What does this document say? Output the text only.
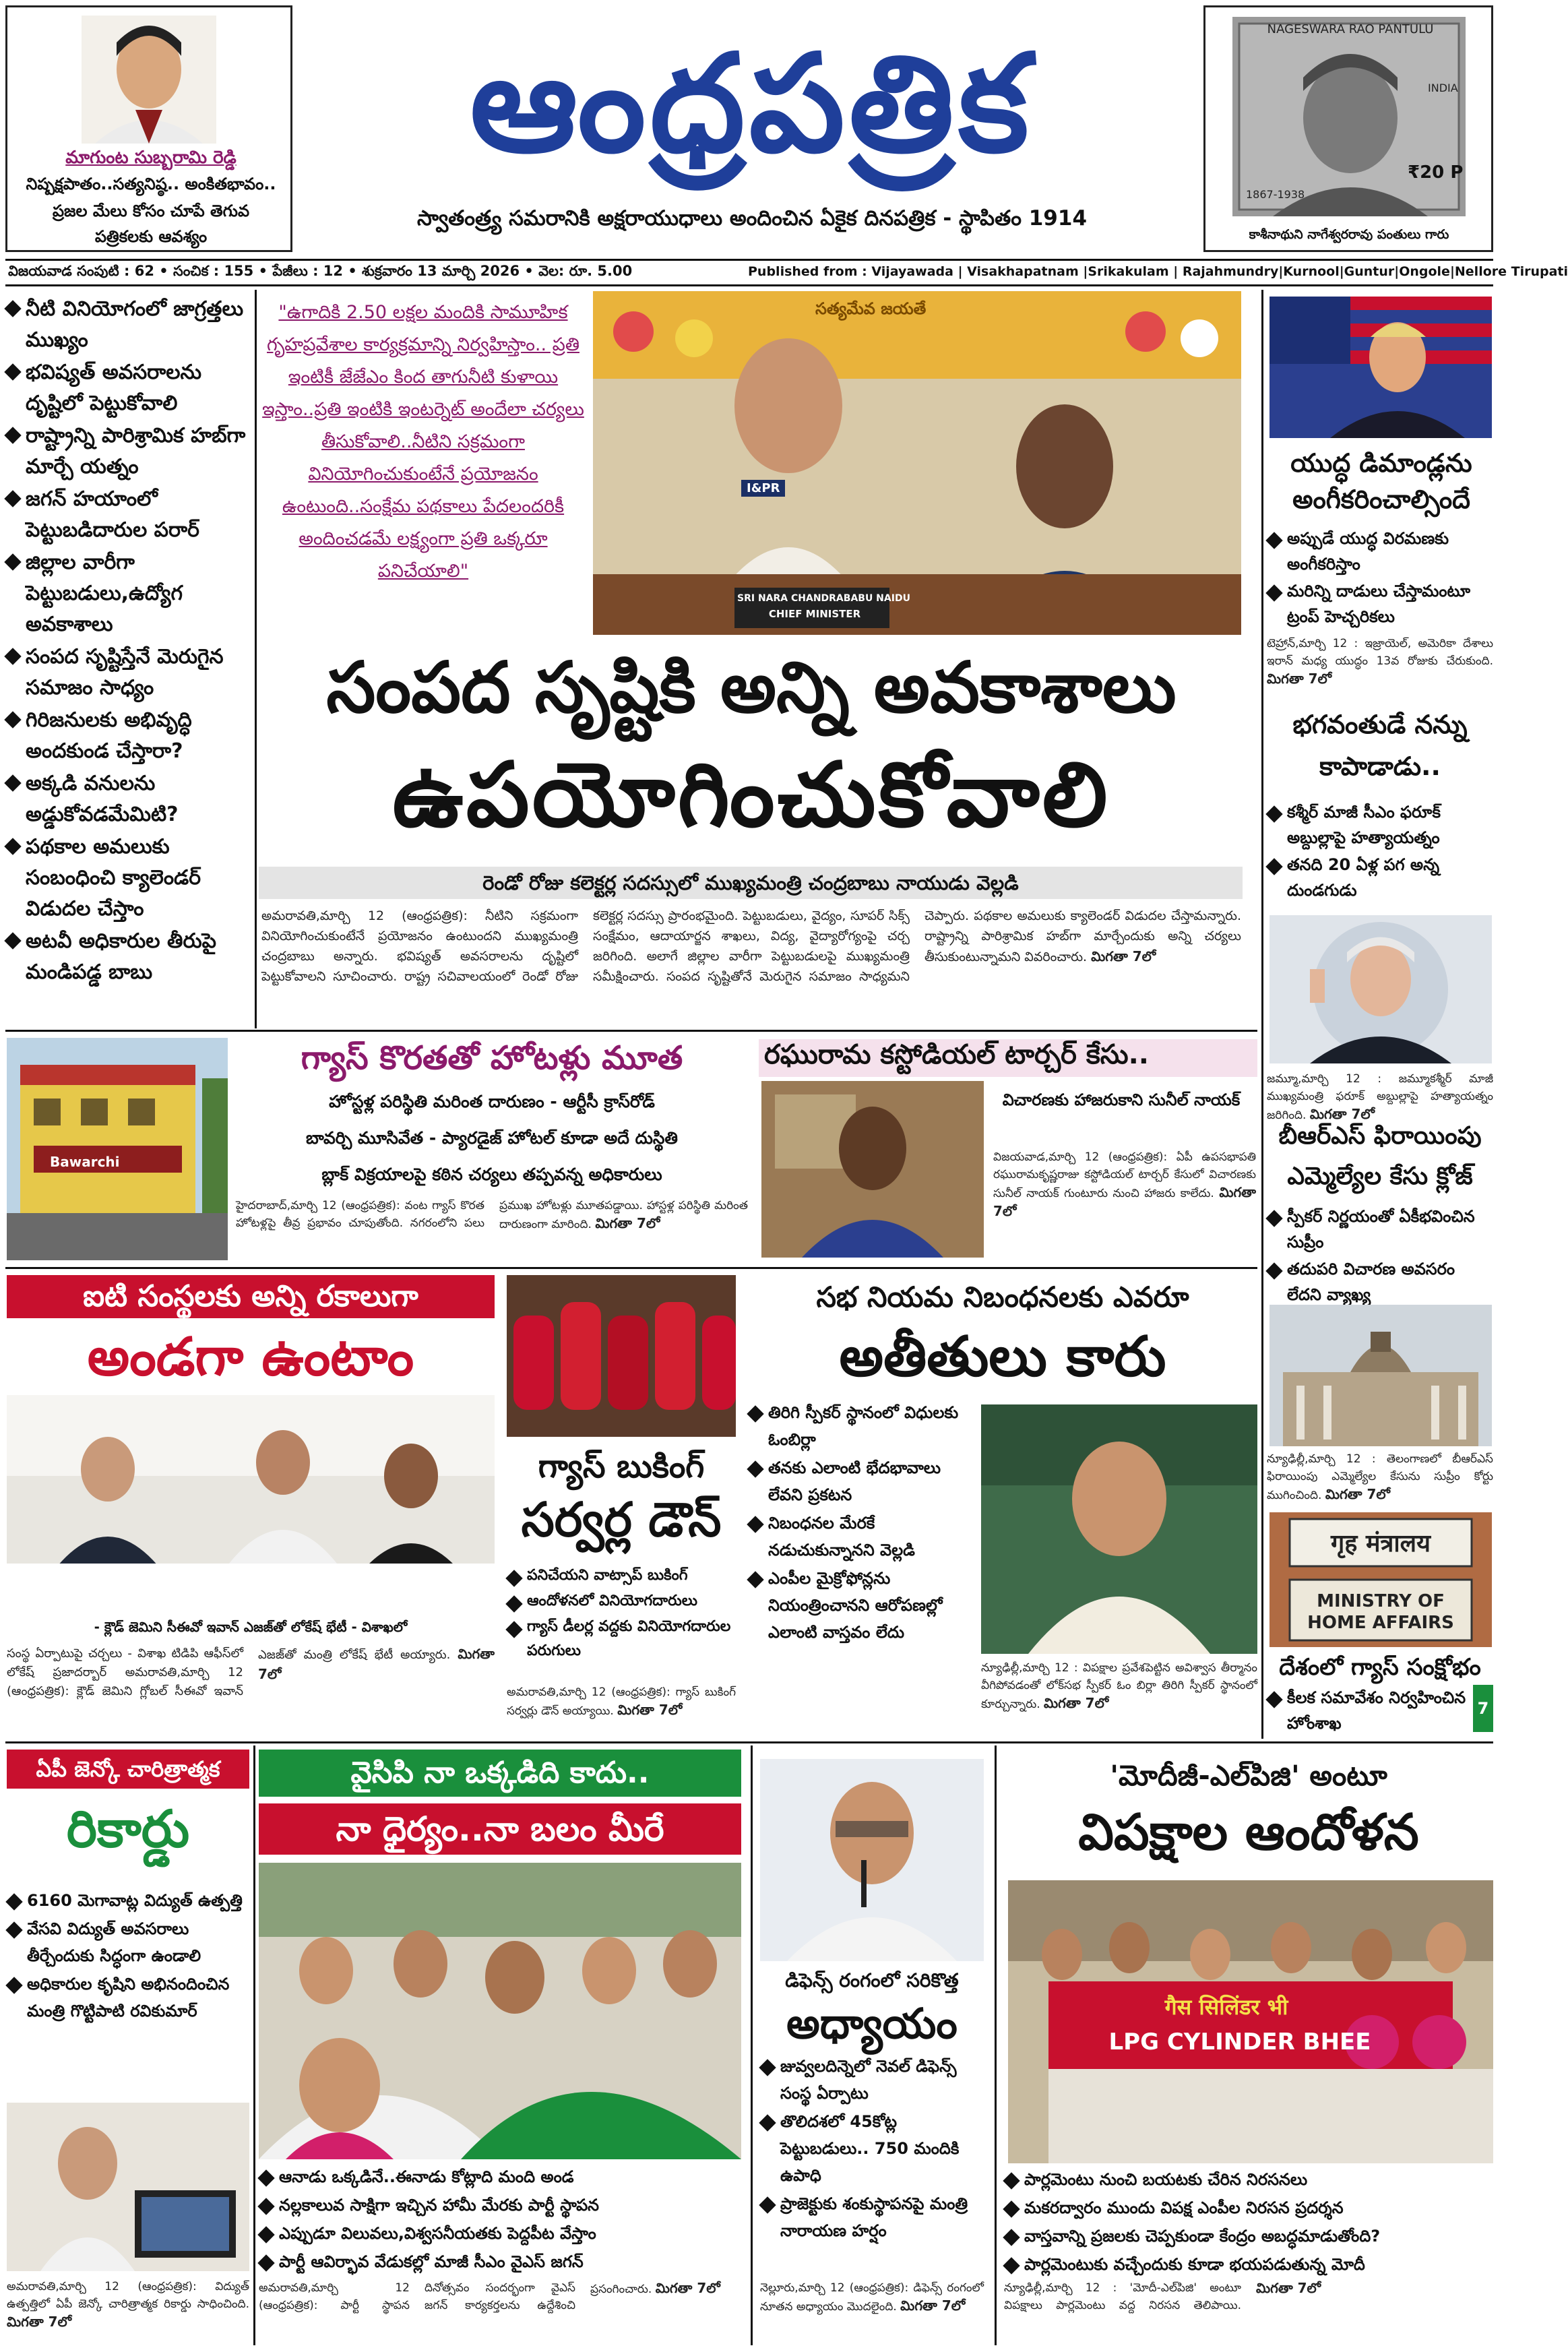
మాగుంట సుబ్బరామి రెడ్డి
నిష్పక్షపాతం..సత్యనిష్ఠ.. అంకితభావం..
ప్రజల మేలు కోసం చూపే తెగువ
పత్రికలకు ఆవశ్యం
ఆంధ్రపత్రిక
స్వాతంత్ర్య సమరానికి అక్షరాయుధాలు అందించిన ఏకైక దినపత్రిక - స్థాపితం 1914
NAGESWARA RAO PANTULU
INDIA
₹20 P
1867-1938
కాశీనాథుని నాగేశ్వరరావు పంతులు గారు
విజయవాడ సంపుటి : 62 • సంచిక : 155 • పేజీలు : 12 • శుక్రవారం 13 మార్చి 2026 • వెల: రూ. 5.00	Published from : Vijayawada | Visakhapatnam |Srikakulam | Rajahmundry|Kurnool|Guntur|Ongole|Nellore Tirupati
నీటి వినియోగంలో జాగ్రత్తలు ముఖ్యం
భవిష్యత్ అవసరాలను దృష్టిలో పెట్టుకోవాలి
రాష్ట్రాన్ని పారిశ్రామిక హబ్‌గా మార్చే యత్నం
జగన్ హయాంలో పెట్టుబడిదారుల పరార్
జిల్లాల వారీగా పెట్టుబడులు,ఉద్యోగ అవకాశాలు
సంపద సృష్టిస్తేనే మెరుగైన సమాజం సాధ్యం
గిరిజనులకు అభివృద్ధి అందకుండ చేస్తారా?
అక్కడి వనులను అడ్డుకోవడమేమిటి?
పథకాల అమలుకు సంబంధించి క్యాలెండర్ విడుదల చేస్తాం
అటవీ అధికారుల తీరుపై మండిపడ్డ బాబు
"ఉగాదికి 2.50 లక్షల మందికి సామూహిక గృహప్రవేశాల కార్యక్రమాన్ని నిర్వహిస్తాం.. ప్రతి ఇంటికీ జేజేఎం కింద తాగునీటి కుళాయి ఇస్తాం..ప్రతి ఇంటికి ఇంటర్నెట్ అందేలా చర్యలు తీసుకోవాలి..నీటిని సక్రమంగా వినియోగించుకుంటేనే ప్రయోజనం ఉంటుంది..సంక్షేమ పథకాలు పేదలందరికీ అందించడమే లక్ష్యంగా ప్రతి ఒక్కరూ పనిచేయాలి"
సత్యమేవ జయతే
I&PR
SRI NARA CHANDRABABU NAIDU
CHIEF MINISTER
సంపద సృష్టికి అన్ని అవకాశాలు
ఉపయోగించుకోవాలి
రెండో రోజు కలెక్టర్ల సదస్సులో ముఖ్యమంత్రి చంద్రబాబు నాయుడు వెల్లడి
అమరావతి,మార్చి 12 (ఆంధ్రపత్రిక): నీటిని సక్రమంగా వినియోగించుకుంటేనే ప్రయోజనం ఉంటుందని ముఖ్యమంత్రి చంద్రబాబు అన్నారు. భవిష్యత్ అవసరాలను దృష్టిలో పెట్టుకోవాలని సూచించారు. రాష్ట్ర సచివాలయంలో రెండో రోజు కలెక్టర్ల సదస్సు ప్రారంభమైంది. పెట్టుబడులు, వైద్యం, సూపర్ సిక్స్ సంక్షేమం, ఆదాయార్జన శాఖలు, విద్య, వైద్యారోగ్యంపై చర్చ జరిగింది. అలాగే జిల్లాల వారీగా పెట్టుబడులపై ముఖ్యమంత్రి సమీక్షించారు. సంపద సృష్టితోనే మెరుగైన సమాజం సాధ్యమని చెప్పారు. పథకాల అమలుకు క్యాలెండర్ విడుదల చేస్తామన్నారు. రాష్ట్రాన్ని పారిశ్రామిక హబ్‌గా మార్చేందుకు అన్ని చర్యలు తీసుకుంటున్నామని వివరించారు. మిగతా 7లో
యుద్ధ డిమాండ్లను అంగీకరించాల్సిందే
అప్పుడే యుద్ధ విరమణకు అంగీకరిస్తాం
మరిన్ని దాడులు చేస్తామంటూ ట్రంప్ హెచ్చరికలు
టెహ్రాన్,మార్చి 12 : ఇజ్రాయెల్, అమెరికా దేశాలు ఇరాన్ మధ్య యుద్ధం 13వ రోజుకు చేరుకుంది. మిగతా 7లో
భగవంతుడే నన్ను కాపాడాడు..
కశ్మీర్ మాజీ సీఎం ఫరూక్ అబ్దుల్లాపై హత్యాయత్నం
తనది 20 ఏళ్ల పగ అన్న దుండగుడు
జమ్మూ,మార్చి 12 : జమ్మూకశ్మీర్ మాజీ ముఖ్యమంత్రి ఫరూక్ అబ్దుల్లాపై హత్యాయత్నం జరిగింది. మిగతా 7లో
బీఆర్ఎస్ ఫిరాయింపు ఎమ్మెల్యేల కేసు క్లోజ్
స్పీకర్ నిర్ణయంతో ఏకీభవించిన సుప్రీం
తదుపరి విచారణ అవసరం లేదని వ్యాఖ్య
న్యూఢిల్లీ,మార్చి 12 : తెలంగాణలో బీఆర్ఎస్ ఫిరాయింపు ఎమ్మెల్యేల కేసును సుప్రీం కోర్టు ముగించింది. మిగతా 7లో
गृह मंत्रालय
MINISTRY OF HOME AFFAIRS
దేశంలో గ్యాస్ సంక్షోభం
కీలక సమావేశం నిర్వహించిన హోంశాఖ
7
Bawarchi
గ్యాస్ కొరతతో హోటళ్లు మూత
హోస్టళ్ల పరిస్థితి మరింత దారుణం - ఆర్టీసీ క్రాస్‌రోడ్
బావర్చి మూసివేత - ప్యారడైజ్ హోటల్ కూడా అదే దుస్థితి
బ్లాక్ విక్రయాలపై కఠిన చర్యలు తప్పవన్న అధికారులు
హైదరాబాద్,మార్చి 12 (ఆంధ్రపత్రిక): వంట గ్యాస్ కొరత హోటళ్లపై తీవ్ర ప్రభావం చూపుతోంది. నగరంలోని పలు ప్రముఖ హోటళ్లు మూతపడ్డాయి. హాస్టళ్ల పరిస్థితి మరింత దారుణంగా మారింది. మిగతా 7లో
రఘురామ కస్టోడియల్ టార్చర్ కేసు..
విచారణకు హాజరుకాని సునీల్ నాయక్
విజయవాడ,మార్చి 12 (ఆంధ్రపత్రిక): ఏపీ ఉపసభాపతి రఘురామకృష్ణరాజు కస్టోడియల్ టార్చర్ కేసులో విచారణకు సునీల్ నాయక్ గుంటూరు నుంచి హాజరు కాలేదు. మిగతా 7లో
ఐటి సంస్థలకు అన్ని రకాలుగా
అండగా ఉంటాం
- క్లౌడ్ జెమిని సీఈవో ఇవాన్ ఎజజ్‌తో లోకేష్ భేటీ - విశాఖలో
సంస్థ ఏర్పాటుపై చర్చలు - విశాఖ టిడిపి ఆఫీస్‌లో లోకేష్ ప్రజాదర్బార్ అమరావతి,మార్చి 12 (ఆంధ్రపత్రిక): క్లౌడ్ జెమిని గ్లోబల్ సీఈవో ఇవాన్ ఎజజ్‌తో మంత్రి లోకేష్ భేటీ అయ్యారు. మిగతా 7లో
గ్యాస్ బుకింగ్
సర్వర్ల డౌన్
పనిచేయని వాట్సాప్ బుకింగ్
ఆందోళనలో వినియోగదారులు
గ్యాస్ డీలర్ల వద్దకు వినియోగదారుల పరుగులు
అమరావతి,మార్చి 12 (ఆంధ్రపత్రిక): గ్యాస్ బుకింగ్ సర్వర్లు డౌన్ అయ్యాయి. మిగతా 7లో
సభ నియమ నిబంధనలకు ఎవరూ
అతీతులు కారు
తిరిగి స్పీకర్ స్థానంలో విధులకు ఓంబిర్లా
తనకు ఎలాంటి భేదభావాలు లేవని ప్రకటన
నిబంధనల మేరకే నడుచుకున్నానని వెల్లడి
ఎంపీల మైక్రోఫోన్లను నియంత్రించానని ఆరోపణల్లో ఎలాంటి వాస్తవం లేదు
న్యూఢిల్లీ,మార్చి 12 : విపక్షాల ప్రవేశపెట్టిన అవిశ్వాస తీర్మానం వీగిపోవడంతో లోక్‌సభ స్పీకర్ ఓం బిర్లా తిరిగి స్పీకర్ స్థానంలో కూర్చున్నారు. మిగతా 7లో
ఏపీ జెన్కో చారిత్రాత్మక
రికార్డు
6160 మెగావాట్ల విద్యుత్ ఉత్పత్తి
వేసవి విద్యుత్ అవసరాలు తీర్చేందుకు సిద్ధంగా ఉండాలి
అధికారుల కృషిని అభినందించిన మంత్రి గొట్టిపాటి రవికుమార్
అమరావతి,మార్చి 12 (ఆంధ్రపత్రిక): విద్యుత్ ఉత్పత్తిలో ఏపీ జెన్కో చారిత్రాత్మక రికార్డు సాధించింది. మిగతా 7లో
వైసిపి నా ఒక్కడిది కాదు..
నా ధైర్యం..నా బలం మీరే
ఆనాడు ఒక్కడినే..ఈనాడు కోట్లాది మంది అండ
నల్లకాలువ సాక్షిగా ఇచ్చిన హామీ మేరకు పార్టీ స్థాపన
ఎప్పుడూ విలువలు,విశ్వసనీయతకు పెద్దపీట వేస్తాం
పార్టీ ఆవిర్భావ వేడుకల్లో మాజీ సీఎం వైఎస్ జగన్
అమరావతి,మార్చి 12 (ఆంధ్రపత్రిక): పార్టీ స్థాపన దినోత్సవం సందర్భంగా వైఎస్ జగన్ కార్యకర్తలను ఉద్దేశించి ప్రసంగించారు. మిగతా 7లో
డిఫెన్స్ రంగంలో సరికొత్త
అధ్యాయం
జువ్వలదిన్నెలో నెవల్ డిఫెన్స్ సంస్థ ఏర్పాటు
తొలిదశలో 45కోట్ల పెట్టుబడులు.. 750 మందికి ఉపాధి
ప్రాజెక్టుకు శంకుస్థాపనపై మంత్రి నారాయణ హర్షం
నెల్లూరు,మార్చి 12 (ఆంధ్రపత్రిక): డిఫెన్స్ రంగంలో నూతన అధ్యాయం మొదలైంది. మిగతా 7లో
'మోదీజీ-ఎల్‌పిజి' అంటూ
విపక్షాల ఆందోళన
गैस सिलिंडर भी
LPG CYLINDER BHEE
పార్లమెంటు నుంచి బయటకు చేరిన నిరసనలు
మకరద్వారం ముందు విపక్ష ఎంపీల నిరసన ప్రదర్శన
వాస్తవాన్ని ప్రజలకు చెప్పకుండా కేంద్రం అబద్ధమాడుతోంది?
పార్లమెంటుకు వచ్చేందుకు కూడా భయపడుతున్న మోదీ
న్యూఢిల్లీ,మార్చి 12 : 'మోదీ-ఎల్‌పిజి' అంటూ విపక్షాలు పార్లమెంటు వద్ద నిరసన తెలిపాయి. మిగతా 7లో
